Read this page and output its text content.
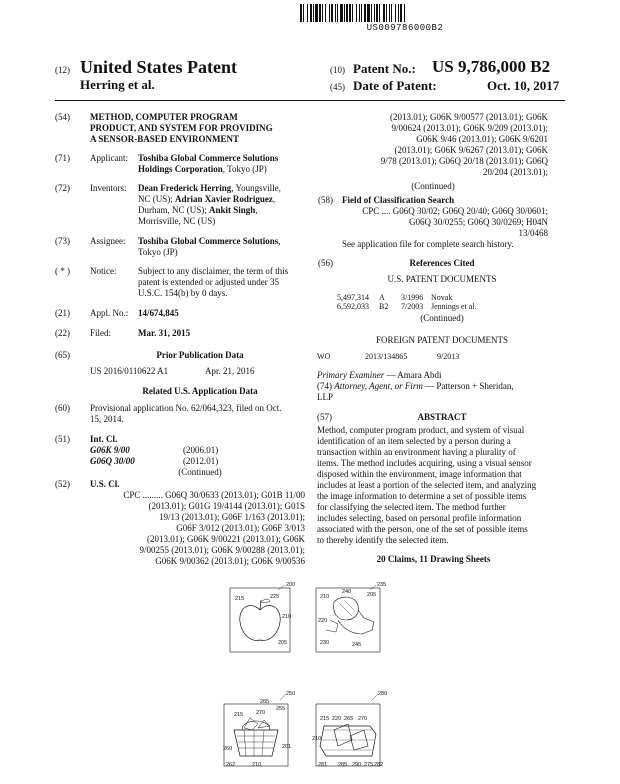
US009786000B2
(12) United States Patent
Herring et al.
(10) Patent No.: US 9,786,000 B2
(45) Date of Patent:	Oct. 10, 2017
(54) METHOD, COMPUTER PROGRAM
PRODUCT, AND SYSTEM FOR PROVIDING
A SENSOR-BASED ENVIRONMENT
(71) Applicant: Toshiba Global Commerce Solutions
Holdings Corporation, Tokyo (JP)
(72) Inventors: Dean Frederick Herring, Youngsville,
NC (US); Adrian Xavier Rodriguez,
Durham, NC (US); Ankit Singh,
Morrisville, NC (US)
(73) Assignee: Toshiba Global Commerce Solutions,
Tokyo (JP)
( * ) Notice: Subject to any disclaimer, the term of this
patent is extended or adjusted under 35
U.S.C. 154(b) by 0 days.
(21) Appl. No.: 14/674,845
(22) Filed:	Mar. 31, 2015
(65)	Prior Publication Data
US 2016/0110622 A1	Apr. 21, 2016
Related U.S. Application Data
(60) Provisional application No. 62/064,323, filed on Oct.
15, 2014.
(51) Int. Cl.
G06K 9/00	(2006.01)
G06Q 30/00	(2012.01)
(Continued)
(52) U.S. Cl.
CPC ......... G06Q 30/0633 (2013.01); G01B 11/00
(2013.01); G01G 19/4144 (2013.01); G01S
19/13 (2013.01); G06F 1/163 (2013.01);
G06F 3/012 (2013.01); G06F 3/013
(2013.01); G06K 9/00221 (2013.01); G06K
9/00255 (2013.01); G06K 9/00288 (2013.01);
G06K 9/00362 (2013.01); G06K 9/00536
(2013.01); G06K 9/00577 (2013.01); G06K
9/00624 (2013.01); G06K 9/209 (2013.01);
G06K 9/46 (2013.01); G06K 9/6201
(2013.01); G06K 9/6267 (2013.01); G06K
9/78 (2013.01); G06Q 20/18 (2013.01); G06Q
20/204 (2013.01);
(Continued)
(58) Field of Classification Search
CPC .... G06Q 30/02; G06Q 20/40; G06Q 30/0601;
G06Q 30/0255; G06Q 30/0269; H04N
13/0468
See application file for complete search history.
(56)	References Cited
U.S. PATENT DOCUMENTS
5,497,314	A 3/1996 Novak
6,592,033	B2 7/2003 Jennings et al.
(Continued)
FOREIGN PATENT DOCUMENTS
WO	2013/134865	9/2013
Primary Examiner — Amara Abdi
(74) Attorney, Agent, or Firm — Patterson + Sheridan,
LLP
(57)	ABSTRACT
Method, computer program product, and system of visual
identification of an item selected by a person during a
transaction within an environment having a plurality of
items. The method includes acquiring, using a visual sensor
disposed within the environment, image information that
includes at least a portion of the selected item, and analyzing
the image information to determine a set of possible items
for classifying the selected item. The method further
includes selecting, based on personal profile information
associated with the person, one of the set of possible items
to thereby identify the selected item.
20 Claims, 11 Drawing Sheets
200
215	225
210
205
235
210
240	205
220
230	245
250
265
255
215 270
260	201
262	210
280
215 220 265 270
210
281 285 290 275 282
